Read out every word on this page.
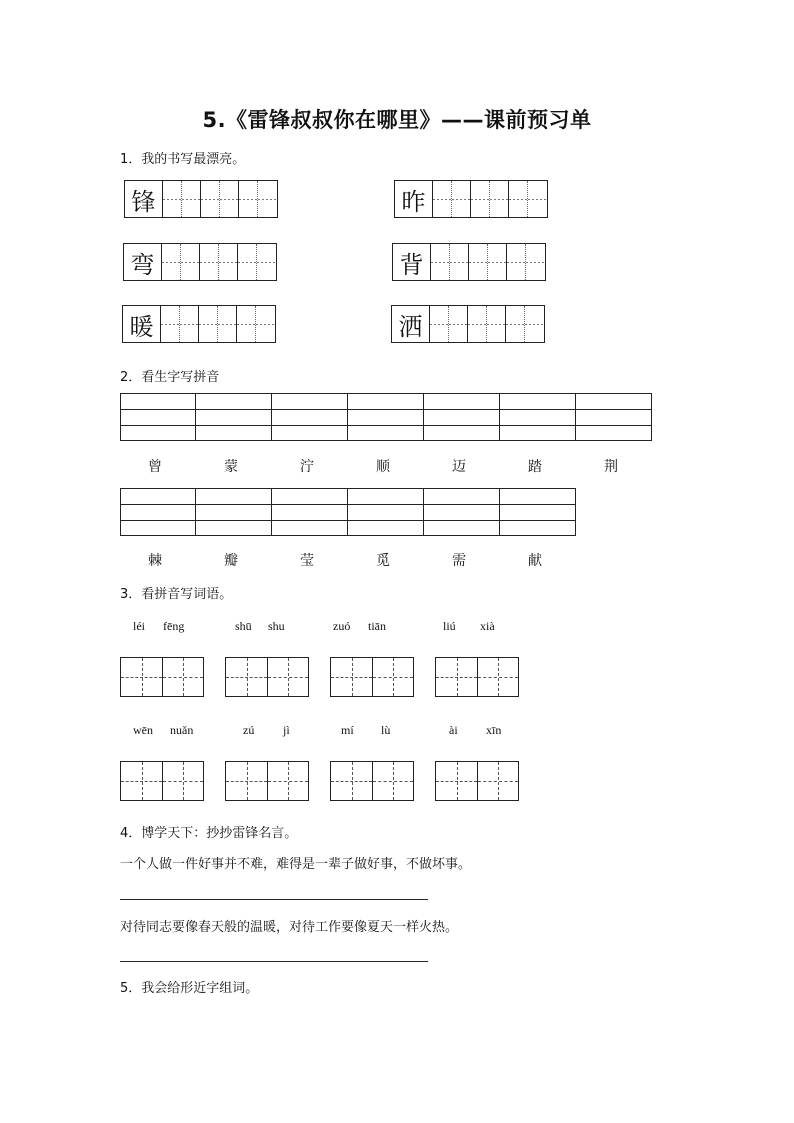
5.《雷锋叔叔你在哪里》——课前预习单
1．我的书写最漂亮。
锋	昨
弯	背
暖	洒
2．看生字写拼音
曾	蒙	泞	顺	迈	踏	荆
棘	瓣	莹	觅	需	献
3．看拼音写词语。
léi fēng	shū shu	zuó tiān	liú xià
wēn nuǎn	zú jì	mí lù	ài xīn
4．博学天下：抄抄雷锋名言。
一个人做一件好事并不难，难得是一辈子做好事，不做坏事。
对待同志要像春天般的温暖，对待工作要像夏天一样火热。
5．我会给形近字组词。
